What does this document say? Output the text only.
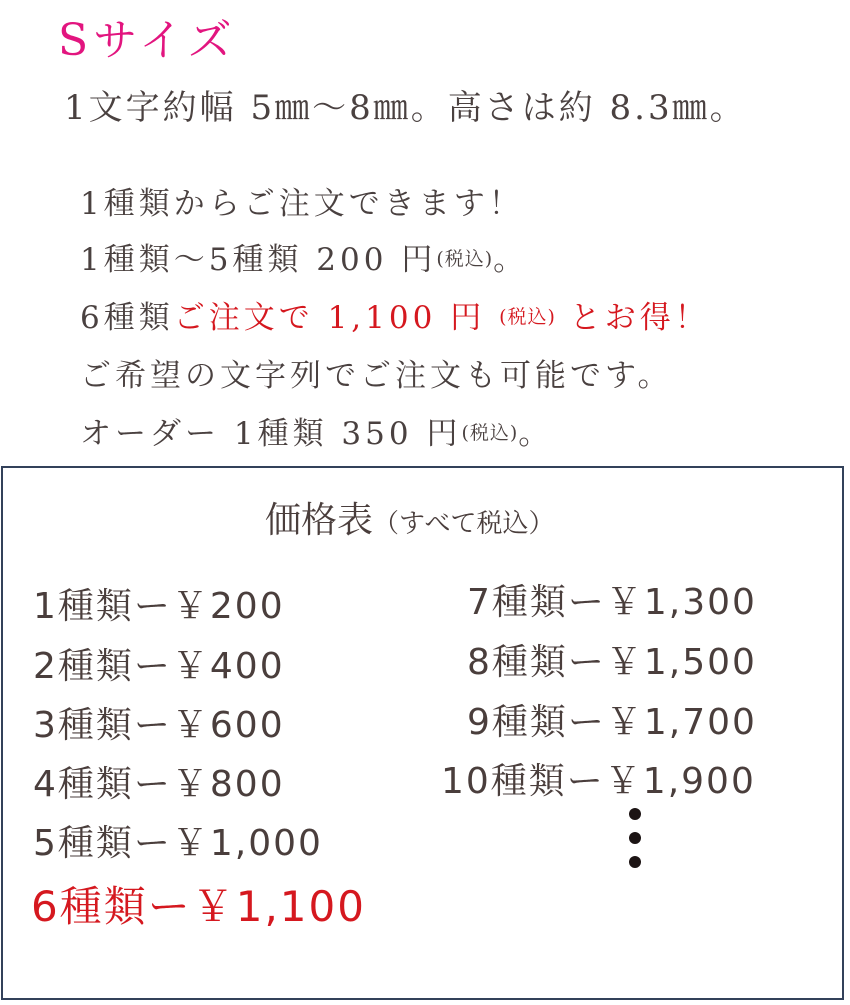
Sサイズ
1文字約幅 5㎜〜8㎜。高さは約 8.3㎜。
1種類からご注文できます！
1種類〜5種類 200 円(税込)。
6種類ご注文で 1,100 円 (税込) とお得！
ご希望の文字列でご注文も可能です。
オーダー 1種類 350 円(税込)。
価格表（すべて税込）
1種類ー￥200
2種類ー￥400
3種類ー￥600
4種類ー￥800
5種類ー￥1,000
6種類ー￥1,100
7種類ー￥1,300
8種類ー￥1,500
9種類ー￥1,700
10種類ー￥1,900
